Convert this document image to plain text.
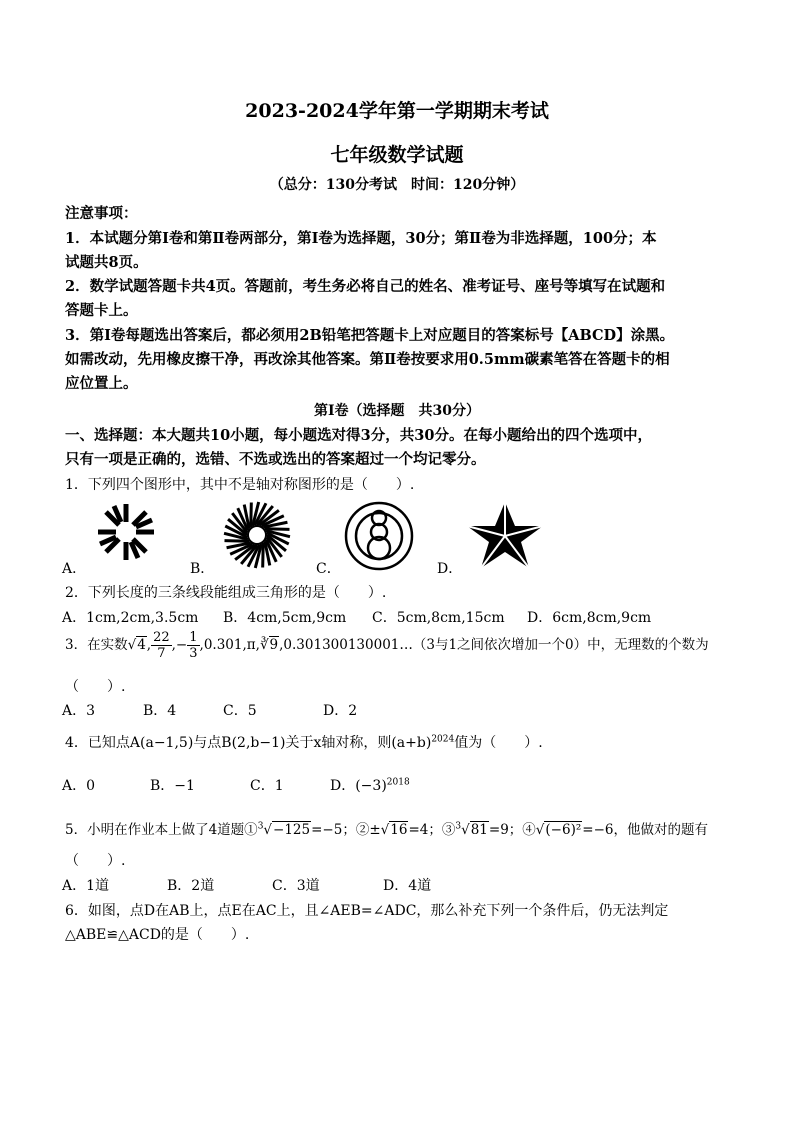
2023-2024学年第一学期期末考试
七年级数学试题
（总分：130分考试　时间：120分钟）
注意事项：
1．本试题分第Ⅰ卷和第Ⅱ卷两部分，第Ⅰ卷为选择题，30分；第Ⅱ卷为非选择题，100分；本
试题共8页。
2．数学试题答题卡共4页。答题前，考生务必将自己的姓名、准考证号、座号等填写在试题和
答题卡上。
3．第Ⅰ卷每题选出答案后，都必须用2B铅笔把答题卡上对应题目的答案标号【ABCD】涂黑。
如需改动，先用橡皮擦干净，再改涂其他答案。第Ⅱ卷按要求用0.5mm碳素笔答在答题卡的相
应位置上。
第Ⅰ卷（选择题　共30分）
一、选择题：本大题共10小题，每小题选对得3分，共30分。在每小题给出的四个选项中，
只有一项是正确的，选错、不选或选出的答案超过一个均记零分。
1．下列四个图形中，其中不是轴对称图形的是（　　）.
A．	B．	C．	D．
2．下列长度的三条线段能组成三角形的是（　　）.
A．1cm,2cm,3.5cm B．4cm,5cm,9cm C．5cm,8cm,15cm D．6cm,8cm,9cm
3．在实数√4, $\frac{22}{7}$ ,− $\frac{1}{3}$ ,0.301,π,∛9,0.301300130001…（3与1之间依次增加一个0）中，无理数的个数为
（　　）.
A．3	B．4	C．5	D．2
4．已知点A(a−1,5)与点B(2,b−1)关于x轴对称，则$(a+b)^{2024}$值为（　　）.
A．0	B．−1	C．1	D．$(-3)^{2018}$
5．小明在作业本上做了4道题①$^3$√−125=−5；②±√16=4；③$^3$√81=9；④√(−6)²=−6，他做对的题有
（　　）.
A．1道	B．2道	C．3道	D．4道
6．如图，点D在AB上，点E在AC上，且∠AEB=∠ADC，那么补充下列一个条件后，仍无法判定
△ABE≌△ACD的是（　　）.
